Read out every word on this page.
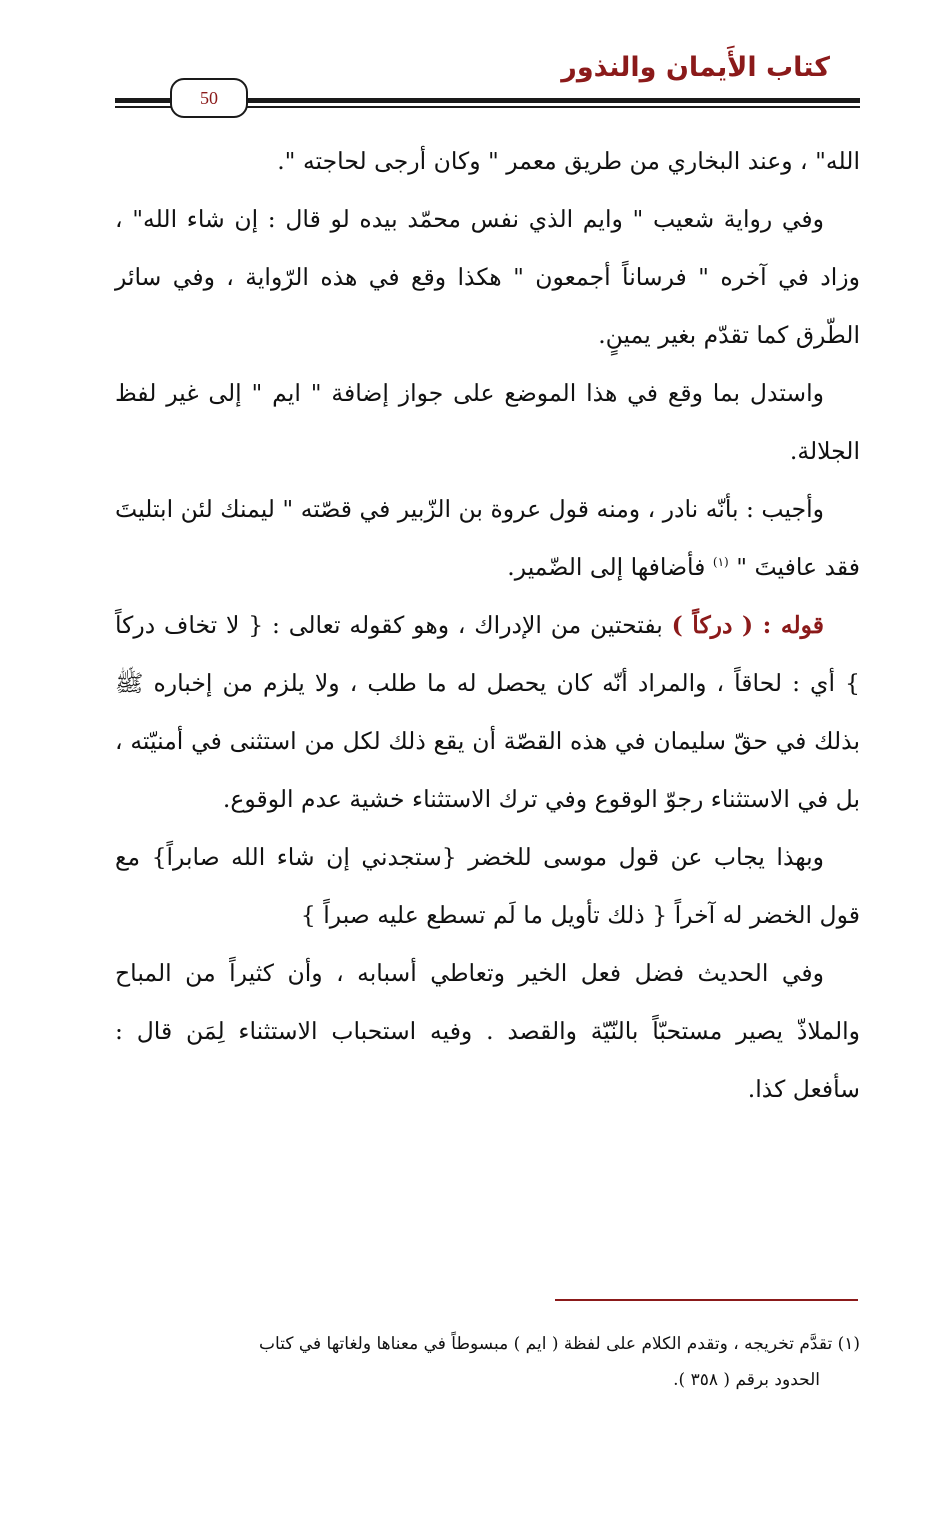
كتاب الأَيمان والنذور
50

الله" ، وعند البخاري من طريق معمر " وكان أرجى لحاجته ".

وفي رواية شعيب " وايم الذي نفس محمّد بيده لو قال : إن شاء الله" ، وزاد في آخره " فرساناً أجمعون " هكذا وقع في هذه الرّواية ، وفي سائر الطّرق كما تقدّم بغير يمينٍ.

واستدل بما وقع في هذا الموضع على جواز إضافة " ايم " إلى غير لفظ الجلالة.

وأجيب : بأنّه نادر ، ومنه قول عروة بن الزّبير في قصّته " ليمنك لئن ابتليتَ فقد عافيتَ " $^{(١)}$ فأضافها إلى الضّمير.

قوله : ( دركاً ) بفتحتين من الإدراك ، وهو كقوله تعالى : { لا تخاف دركاً } أي : لحاقاً ، والمراد أنّه كان يحصل له ما طلب ، ولا يلزم من إخباره ﷺ بذلك في حقّ سليمان في هذه القصّة أن يقع ذلك لكل من استثنى في أمنيّته ، بل في الاستثناء رجوّ الوقوع وفي ترك الاستثناء خشية عدم الوقوع.

وبهذا يجاب عن قول موسى للخضر {ستجدني إن شاء الله صابراً} مع قول الخضر له آخراً { ذلك تأويل ما لَم تسطع عليه صبراً }

وفي الحديث فضل فعل الخير وتعاطي أسبابه ، وأن كثيراً من المباح والملاذّ يصير مستحبّاً بالنّيّة والقصد . وفيه استحباب الاستثناء لِمَن قال : سأفعل كذا.

(١) تقدَّم تخريجه ، وتقدم الكلام على لفظة ( ايم ) مبسوطاً في معناها ولغاتها في كتاب

الحدود برقم ( ٣٥٨ ).
